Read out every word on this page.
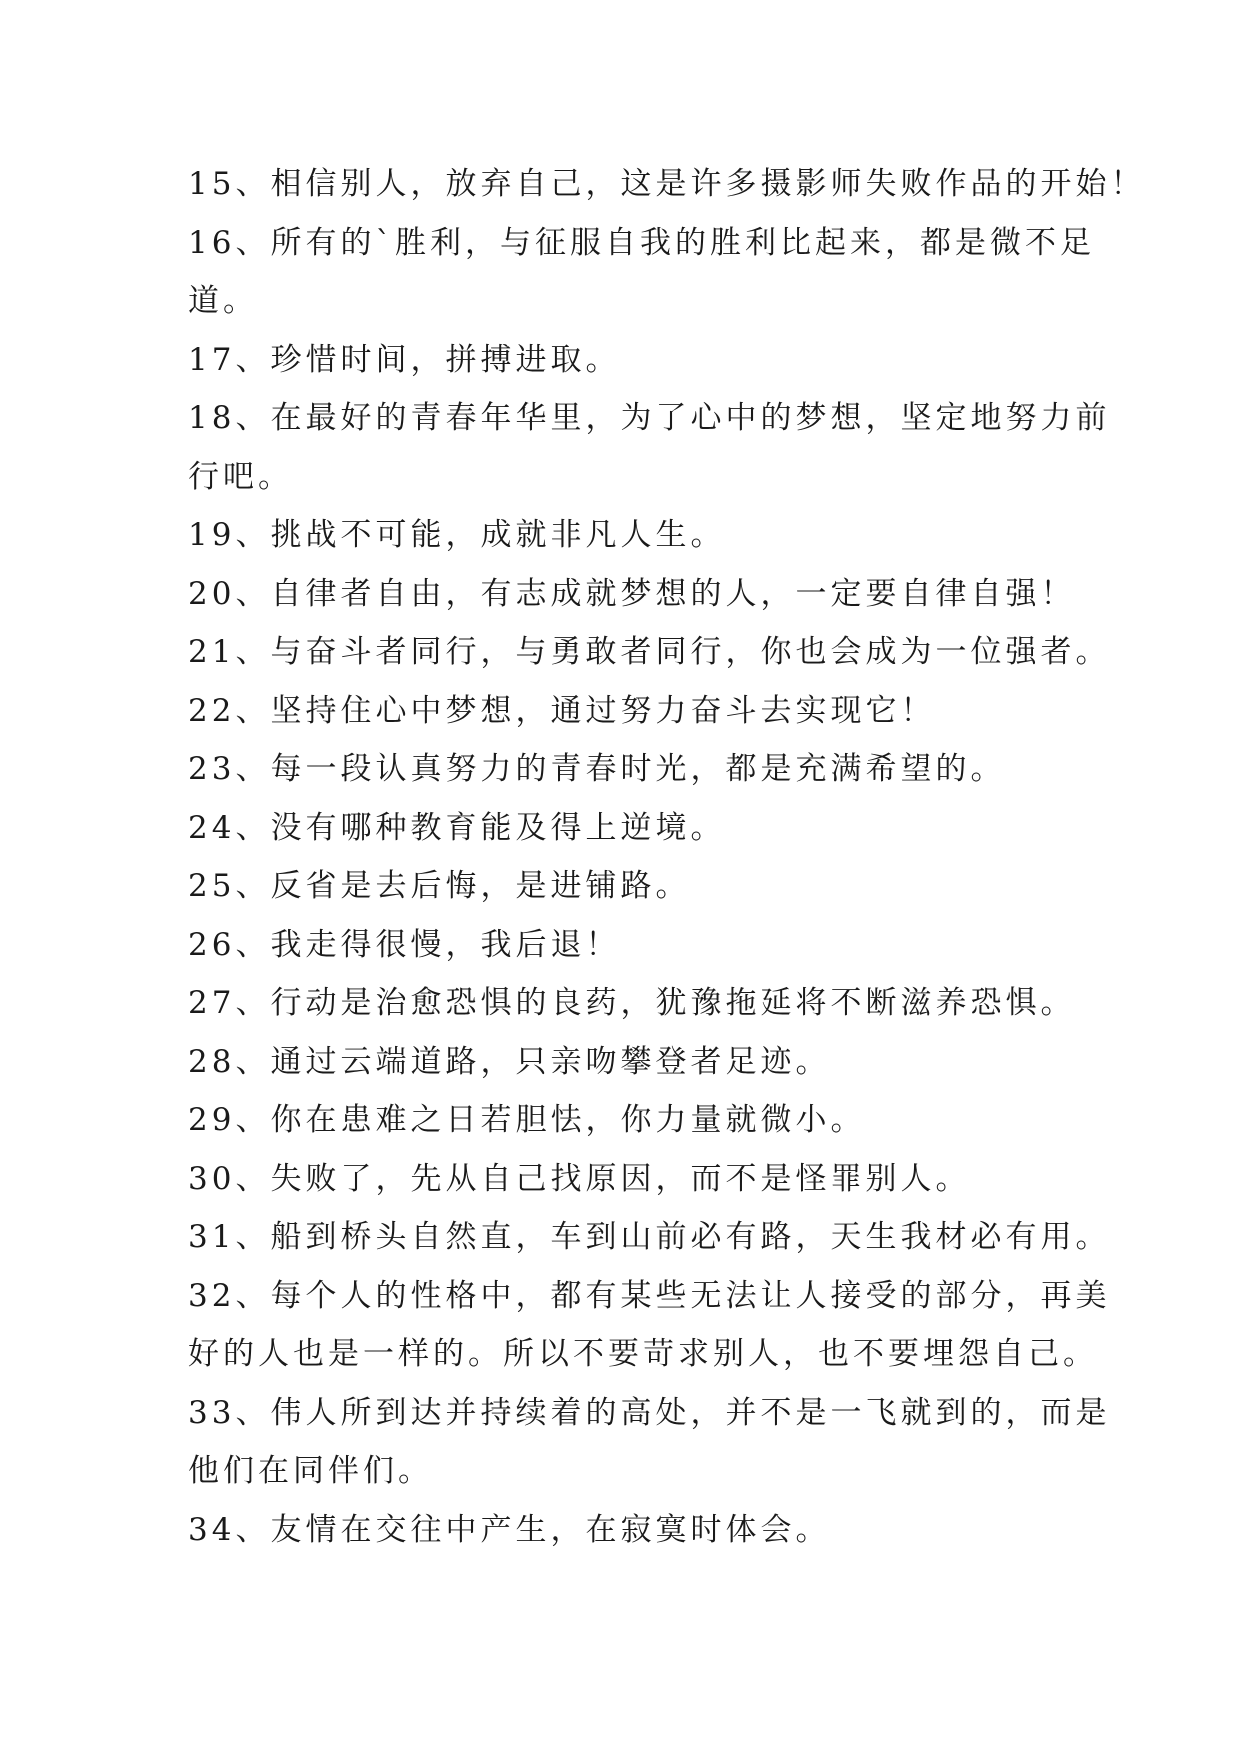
15、相信别人，放弃自己，这是许多摄影师失败作品的开始！
16、所有的`胜利，与征服自我的胜利比起来，都是微不足
道。
17、珍惜时间，拼搏进取。
18、在最好的青春年华里，为了心中的梦想，坚定地努力前
行吧。
19、挑战不可能，成就非凡人生。
20、自律者自由，有志成就梦想的人，一定要自律自强！
21、与奋斗者同行，与勇敢者同行，你也会成为一位强者。
22、坚持住心中梦想，通过努力奋斗去实现它！
23、每一段认真努力的青春时光，都是充满希望的。
24、没有哪种教育能及得上逆境。
25、反省是去后悔，是进铺路。
26、我走得很慢，我后退！
27、行动是治愈恐惧的良药，犹豫拖延将不断滋养恐惧。
28、通过云端道路，只亲吻攀登者足迹。
29、你在患难之日若胆怯，你力量就微小。
30、失败了，先从自己找原因，而不是怪罪别人。
31、船到桥头自然直，车到山前必有路，天生我材必有用。
32、每个人的性格中，都有某些无法让人接受的部分，再美
好的人也是一样的。所以不要苛求别人，也不要埋怨自己。
33、伟人所到达并持续着的高处，并不是一飞就到的，而是
他们在同伴们。
34、友情在交往中产生，在寂寞时体会。
